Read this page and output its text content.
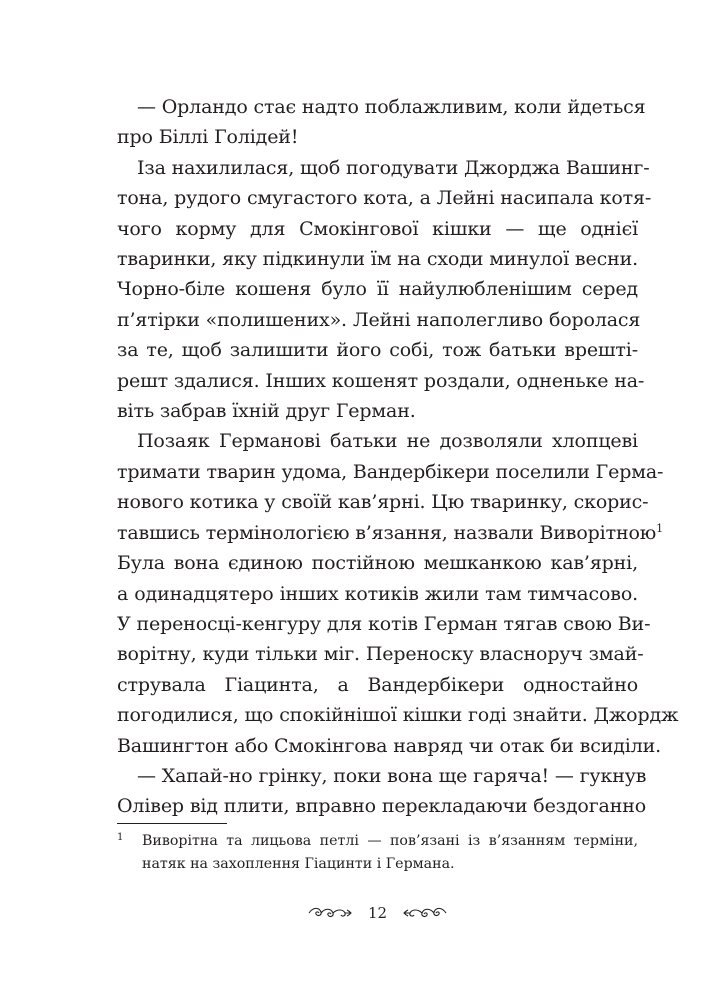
— Орландо стає надто поблажливим, коли йдеться
про Біллі Голідей!
Іза нахилилася, щоб погодувати Джорджа Вашинг-
тона, рудого смугастого кота, а Лейні насипала котя-
чого корму для Смокінгової кішки — ще однієї
тваринки, яку підкинули їм на сходи минулої весни.
Чорно-біле кошеня було її найулюбленішим серед
п’ятірки «полишених». Лейні наполегливо боролася
за те, щоб залишити його собі, тож батьки врешті-
решт здалися. Інших кошенят роздали, одненьке на-
віть забрав їхній друг Герман.
Позаяк Германові батьки не дозволяли хлопцеві
тримати тварин удома, Вандербікери поселили Герма-
нового котика у своїй кав’ярні. Цю тваринку, скорис-
тавшись термінологією в’язання, назвали Виворітною$^1$
Була вона єдиною постійною мешканкою кав’ярні,
а одинадцятеро інших котиків жили там тимчасово.
У переносці-кенгуру для котів Герман тягав свою Ви-
ворітну, куди тільки міг. Переноску власноруч змай-
струвала Гіацинта, а Вандербікери одностайно
погодилися, що спокійнішої кішки годі знайти. Джордж
Вашингтон або Смокінгова навряд чи отак би всиділи.
— Хапай-но грінку, поки вона ще гаряча! — гукнув
Олівер від плити, вправно перекладаючи бездоганно
1 Виворітна та лицьова петлі — пов’язані із в’язанням терміни,
натяк на захоплення Гіацинти і Германа.
12
